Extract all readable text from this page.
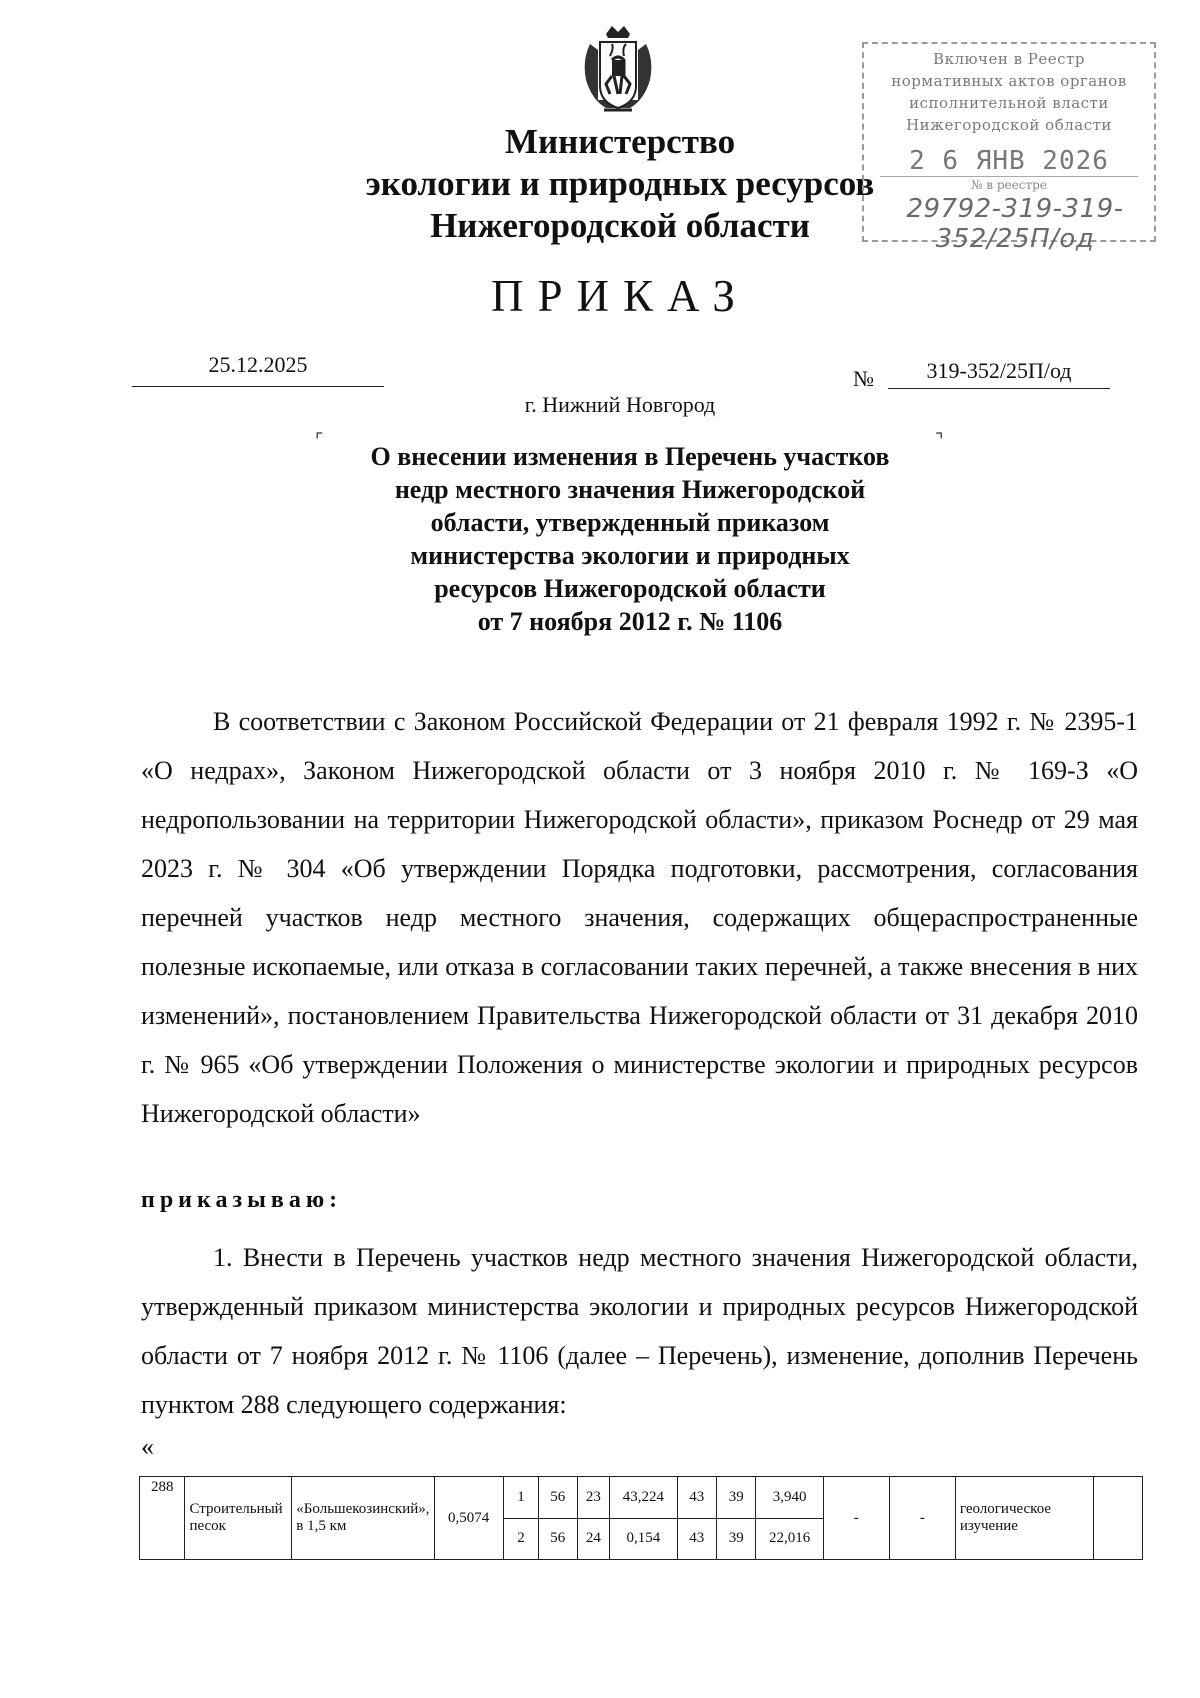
Министерство
экологии и природных ресурсов
Нижегородской области
Включен в Реестр
нормативных актов органов
исполнительной власти
Нижегородской области
2 6 ЯНВ 2026
№ в реестре
29792-319-319-352/25П/од
ПРИКАЗ
25.12.2025
№	319-352/25П/од
г. Нижний Новгород
⌜	⌝
О внесении изменения в Перечень участков
недр местного значения Нижегородской
области, утвержденный приказом
министерства экологии и природных
ресурсов Нижегородской области
от 7 ноября 2012 г. № 1106

В соответствии с Законом Российской Федерации от 21 февраля 1992 г. № 2395-1 «О недрах», Законом Нижегородской области от 3 ноября 2010 г. № 169-З «О недропользовании на территории Нижегородской области», приказом Роснедр от 29 мая 2023 г. № 304 «Об утверждении Порядка подготовки, рассмотрения, согласования перечней участков недр местного значения, содержащих общераспространенные полезные ископаемые, или отказа в согласовании таких перечней, а также внесения в них изменений», постановлением Правительства Нижегородской области от 31 декабря 2010 г. № 965 «Об утверждении Положения о министерстве экологии и природных ресурсов Нижегородской области»

приказываю:

1. Внести в Перечень участков недр местного значения Нижегородской области, утвержденный приказом министерства экологии и природных ресурсов Нижегородской области от 7 ноября 2012 г. № 1106 (далее – Перечень), изменение, дополнив Перечень пунктом 288 следующего содержания:

«
288	Строительный песок	«Большекозинский», в 1,5 км	0,5074	1	56	23	43,224	43	39	3,940	-	-	геологическое изучение	
				2	56	24	0,154	43	39	22,016				
